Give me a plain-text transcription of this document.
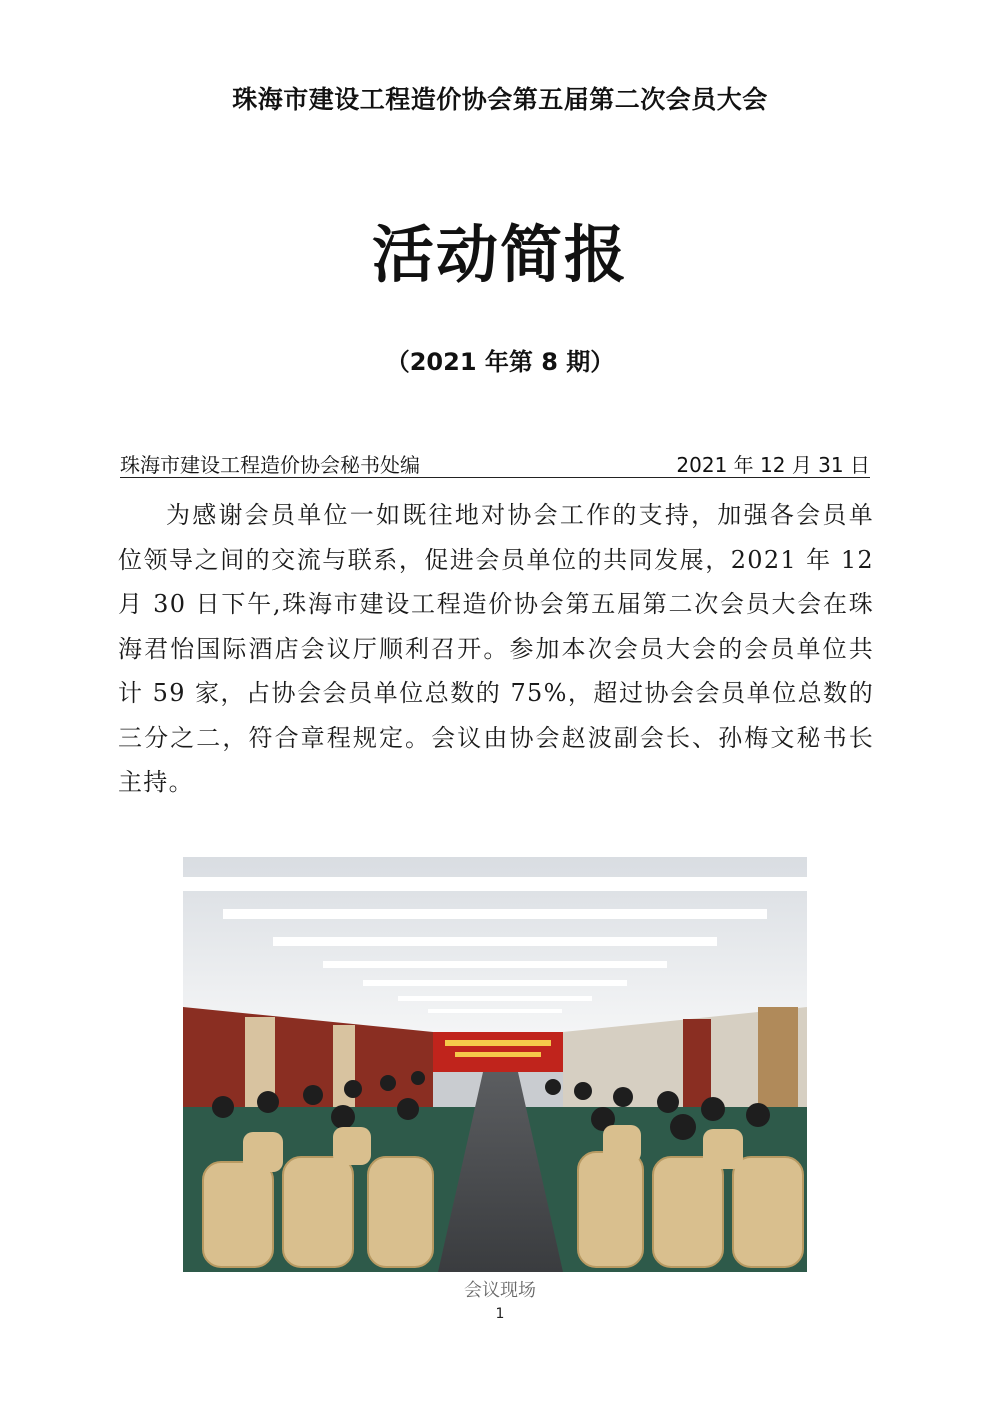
珠海市建设工程造价协会第五届第二次会员大会
活动简报
（2021 年第 8 期）
珠海市建设工程造价协会秘书处编	2021 年 12 月 31 日

为感谢会员单位一如既往地对协会工作的支持，加强各会员单位领导之间的交流与联系，促进会员单位的共同发展，2021 年 12 月 30 日下午,珠海市建设工程造价协会第五届第二次会员大会在珠海君怡国际酒店会议厅顺利召开。参加本次会员大会的会员单位共计 59 家，占协会会员单位总数的 75%，超过协会会员单位总数的三分之二，符合章程规定。会议由协会赵波副会长、孙梅文秘书长主持。

会议现场
1
